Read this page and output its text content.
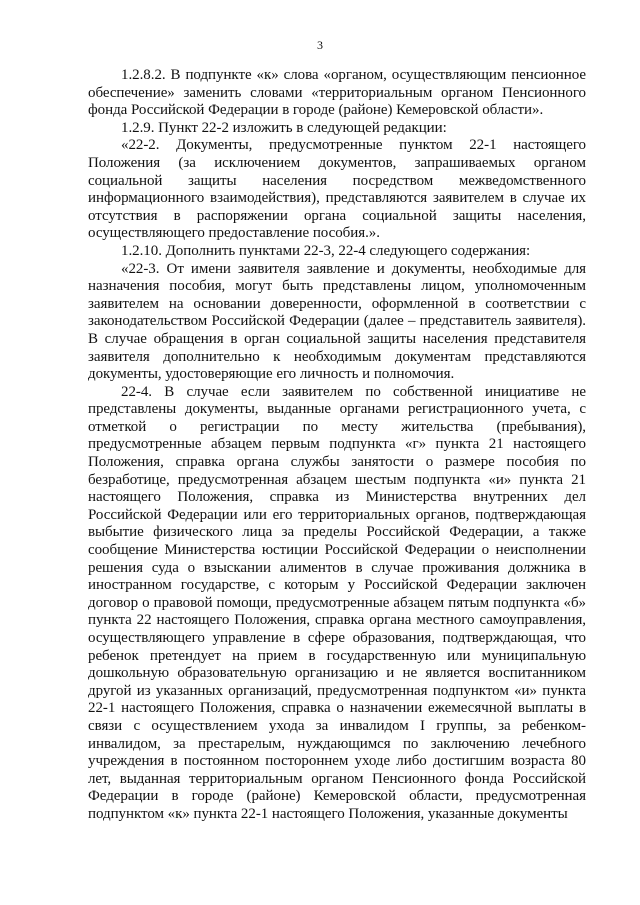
3

1.2.8.2. В подпункте «к» слова «органом, осуществляющим пенсионное обеспечение» заменить словами «территориальным органом Пенсионного фонда Российской Федерации в городе (районе) Кемеровской области».

1.2.9. Пункт 22-2 изложить в следующей редакции:

«22-2. Документы, предусмотренные пунктом 22-1 настоящего Положения (за исключением документов, запрашиваемых органом социальной защиты населения посредством межведомственного информационного взаимодействия), представляются заявителем в случае их отсутствия в распоряжении органа социальной защиты населения, осуществляющего предоставление пособия.».

1.2.10. Дополнить пунктами 22-3, 22-4 следующего содержания:

«22-3. От имени заявителя заявление и документы, необходимые для назначения пособия, могут быть представлены лицом, уполномоченным заявителем на основании доверенности, оформленной в соответствии с законодательством Российской Федерации (далее – представитель заявителя). В случае обращения в орган социальной защиты населения представителя заявителя дополнительно к необходимым документам представляются документы, удостоверяющие его личность и полномочия.

22-4. В случае если заявителем по собственной инициативе не представлены документы, выданные органами регистрационного учета, с отметкой о регистрации по месту жительства (пребывания), предусмотренные абзацем первым подпункта «г» пункта 21 настоящего Положения, справка органа службы занятости о размере пособия по безработице, предусмотренная абзацем шестым подпункта «и» пункта 21 настоящего Положения, справка из Министерства внутренних дел Российской Федерации или его территориальных органов, подтверждающая выбытие физического лица за пределы Российской Федерации, а также сообщение Министерства юстиции Российской Федерации о неисполнении решения суда о взыскании алиментов в случае проживания должника в иностранном государстве, с которым у Российской Федерации заключен договор о правовой помощи, предусмотренные абзацем пятым подпункта «б» пункта 22 настоящего Положения, справка органа местного самоуправления, осуществляющего управление в сфере образования, подтверждающая, что ребенок претендует на прием в государственную или муниципальную дошкольную образовательную организацию и не является воспитанником другой из указанных организаций, предусмотренная подпунктом «и» пункта 22-1 настоящего Положения, справка о назначении ежемесячной выплаты в связи с осуществлением ухода за инвалидом I группы, за ребенком-инвалидом, за престарелым, нуждающимся по заключению лечебного учреждения в постоянном постороннем уходе либо достигшим возраста 80 лет, выданная территориальным органом Пенсионного фонда Российской Федерации в городе (районе) Кемеровской области, предусмотренная подпунктом «к» пункта 22-1 настоящего Положения, указанные документы
